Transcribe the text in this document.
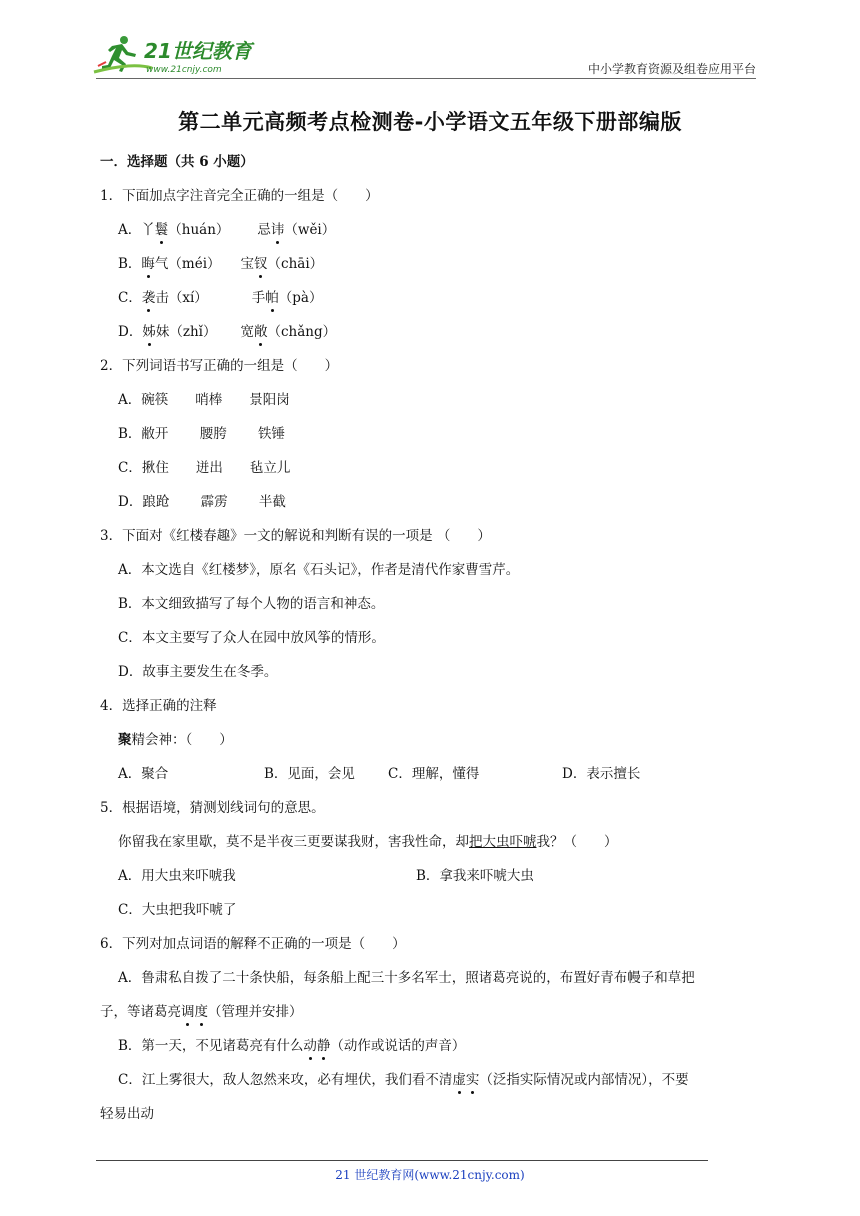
21世纪教育
www.21cnjy.com	中小学教育资源及组卷应用平台
第二单元高频考点检测卷-小学语文五年级下册部编版
一．选择题（共 6 小题）
1．下面加点字注音完全正确的一组是（　　）
A．丫鬟（huán） 忌讳（wěi）
B．晦气（méi） 宝钗（chāi）
C．袭击（xí）	手帕（pà）
D．姊妹（zhǐ） 宽敞（chǎng）
2．下列词语书写正确的一组是（　　）
A．碗筷　　哨棒　　景阳岗
B．敝开　　 腰胯　　 铁锤
C．揪住　　迸出　　毡立儿
D．踉跄　　 霹雳　　 半截
3．下面对《红楼春趣》一文的解说和判断有误的一项是 （　　）
A．本文选自《红楼梦》，原名《石头记》，作者是清代作家曹雪芹。
B．本文细致描写了每个人物的语言和神态。
C．本文主要写了众人在园中放风筝的情形。
D．故事主要发生在冬季。
4．选择正确的注释
聚精会神：（　　）
A．聚合	B．见面，会见 C．理解，懂得	D．表示擅长
5．根据语境，猜测划线词句的意思。
你留我在家里歇，莫不是半夜三更要谋我财，害我性命，却把大虫吓唬我？（　　）
A．用大虫来吓唬我	B．拿我来吓唬大虫
C．大虫把我吓唬了
6．下列对加点词语的解释不正确的一项是（　　）
A．鲁肃私自拨了二十条快船，每条船上配三十多名军士，照诸葛亮说的，布置好青布幔子和草把
子，等诸葛亮调度（管理并安排）
B．第一天，不见诸葛亮有什么动静（动作或说话的声音）
C．江上雾很大，敌人忽然来攻，必有埋伏，我们看不清虚实（泛指实际情况或内部情况），不要
轻易出动
21 世纪教育网(www.21cnjy.com)
